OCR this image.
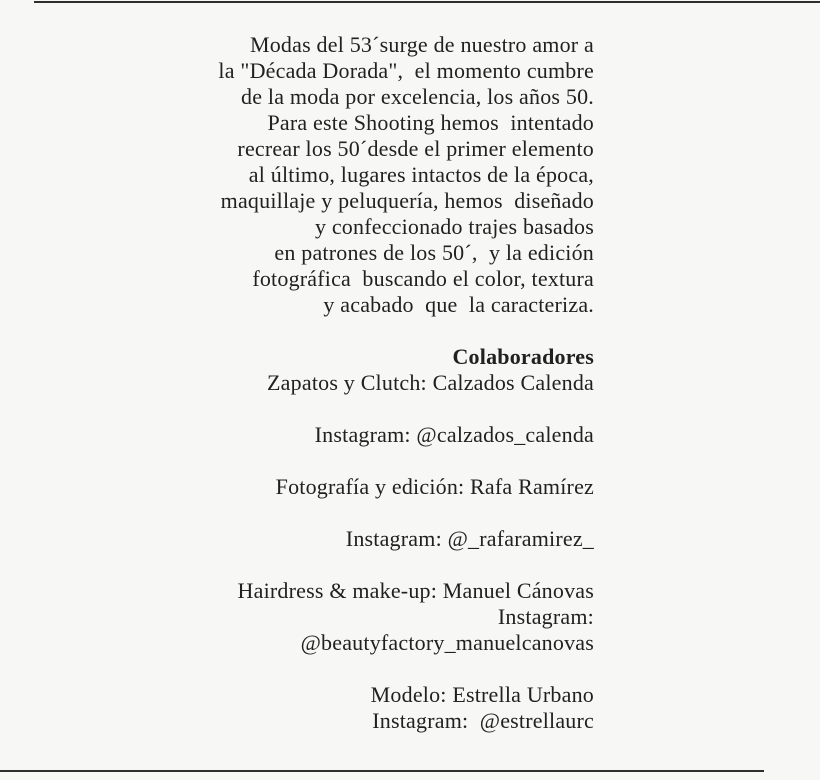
Modas del 53´surge de nuestro amor a
la "Década Dorada",  el momento cumbre
de la moda por excelencia, los años 50.
Para este Shooting hemos  intentado
recrear los 50´desde el primer elemento
al último, lugares intactos de la época,
maquillaje y peluquería, hemos  diseñado
y confeccionado trajes basados
en patrones de los 50´,  y la edición
fotográfica  buscando el color, textura
y acabado  que  la caracteriza.
Colaboradores
Zapatos y Clutch: Calzados Calenda
Instagram: @calzados_calenda
Fotografía y edición: Rafa Ramírez
Instagram: @_rafaramirez_
Hairdress & make-up: Manuel Cánovas
Instagram:
@beautyfactory_manuelcanovas
Modelo: Estrella Urbano
Instagram:  @estrellaurc
